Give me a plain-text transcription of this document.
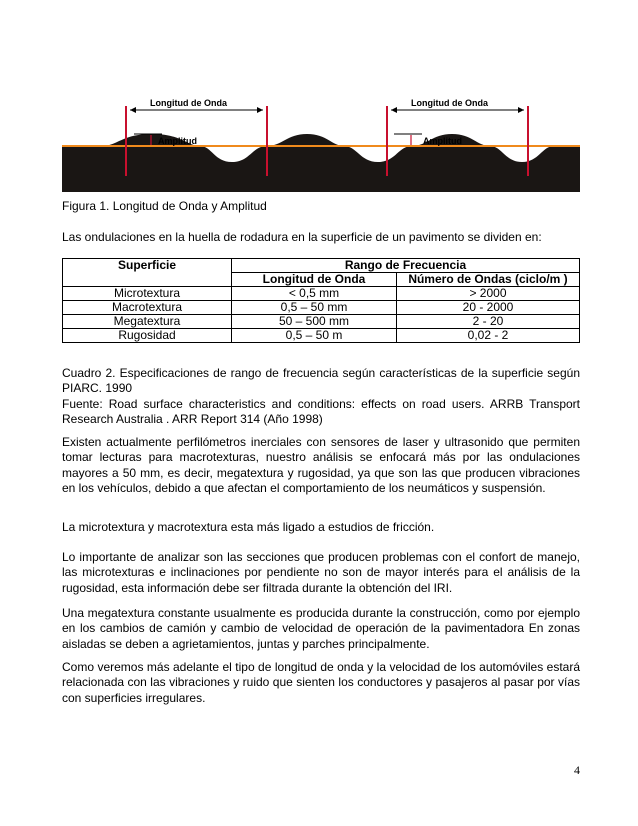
Longitud de Onda	Longitud de Onda
Amplitud	Amplitud
Figura 1. Longitud de Onda y Amplitud
Las ondulaciones en la huella de rodadura en la superficie de un pavimento se dividen en:
Superficie	Rango de Frecuencia	
	Longitud de Onda	Número de Ondas (ciclo/m )
Microtextura	< 0,5 mm	> 2000
Macrotextura	0,5 – 50 mm	20 - 2000
Megatextura	50 – 500 mm	2 - 20
Rugosidad	0,5 – 50 m	0,02 - 2

Cuadro 2. Especificaciones de rango de frecuencia según características de la superficie según PIARC. 1990

Fuente: Road surface characteristics and conditions: effects on road users. ARRB Transport Research Australia . ARR Report 314 (Año 1998)

Existen actualmente perfilómetros inerciales con sensores de laser y ultrasonido que permiten tomar lecturas para macrotexturas, nuestro análisis se enfocará más por las ondulaciones mayores a 50 mm, es decir, megatextura y rugosidad, ya que son las que producen vibraciones en los vehículos, debido a que afectan el comportamiento de los neumáticos y suspensión.

La microtextura y macrotextura esta más ligado a estudios de fricción.

Lo importante de analizar son las secciones que producen problemas con el confort de manejo, las microtexturas e inclinaciones por pendiente no son de mayor interés para el análisis de la rugosidad, esta información debe ser filtrada durante la obtención del IRI.

Una megatextura constante usualmente es producida durante la construcción, como por ejemplo en los cambios de camión y cambio de velocidad de operación de la pavimentadora En zonas aisladas se deben a agrietamientos, juntas y parches principalmente.

Como veremos más adelante el tipo de longitud de onda y la velocidad de los automóviles estará relacionada con las vibraciones y ruido que sienten los conductores y pasajeros al pasar por vías con superficies irregulares.

4
